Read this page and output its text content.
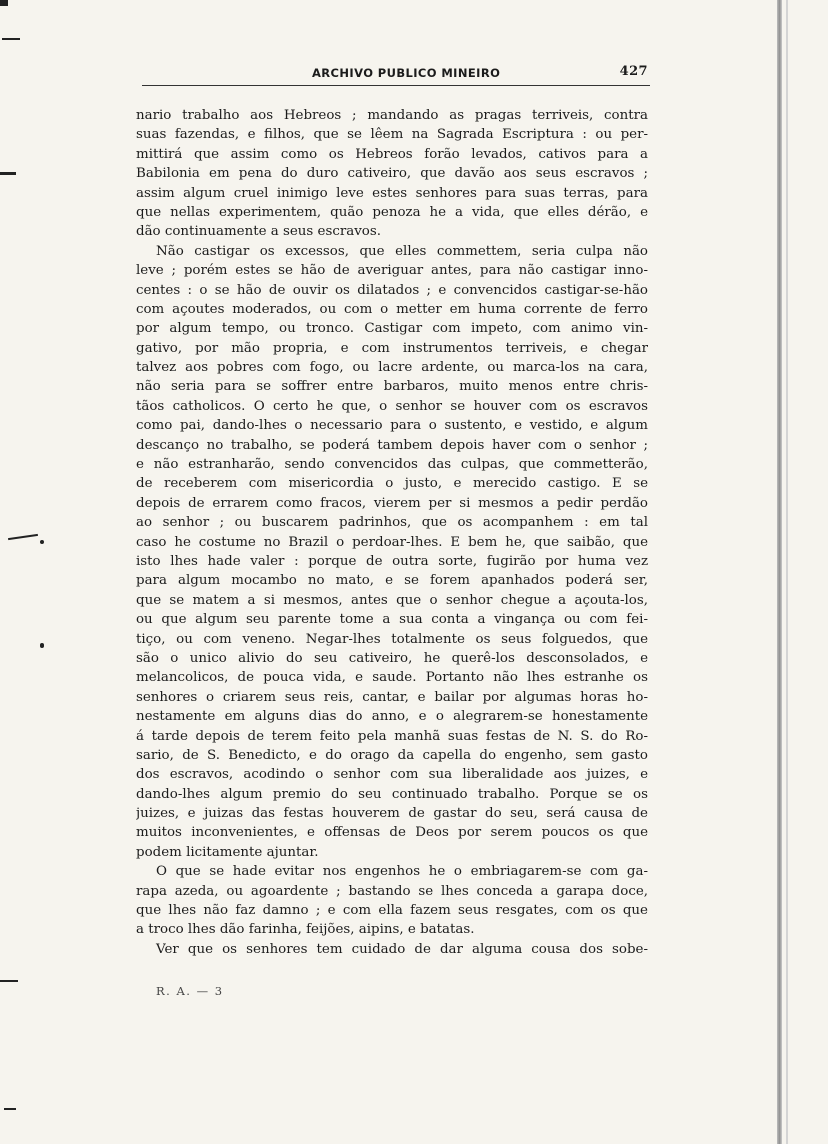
ARCHIVO PUBLICO MINEIRO	427
nario trabalho aos Hebreos ; mandando as pragas terriveis, contra
suas fazendas, e filhos, que se lêem na Sagrada Escriptura : ou per-
mittirá que assim como os Hebreos forão levados, cativos para a
Babilonia em pena do duro cativeiro, que davão aos seus escravos ;
assim algum cruel inimigo leve estes senhores para suas terras, para
que nellas experimentem, quão penoza he a vida, que elles dérão, e
dão continuamente a seus escravos.
Não castigar os excessos, que elles commettem, seria culpa não
leve ; porém estes se hão de averiguar antes, para não castigar inno-
centes : o se hão de ouvir os dilatados ; e convencidos castigar-se-hão
com açoutes moderados, ou com o metter em huma corrente de ferro
por algum tempo, ou tronco. Castigar com impeto, com animo vin-
gativo, por mão propria, e com instrumentos terriveis, e chegar
talvez aos pobres com fogo, ou lacre ardente, ou marca-los na cara,
não seria para se soffrer entre barbaros, muito menos entre chris-
tãos catholicos. O certo he que, o senhor se houver com os escravos
como pai, dando-lhes o necessario para o sustento, e vestido, e algum
descanço no trabalho, se poderá tambem depois haver com o senhor ;
e não estranharão, sendo convencidos das culpas, que commetterão,
de receberem com misericordia o justo, e merecido castigo. E se
depois de errarem como fracos, vierem per si mesmos a pedir perdão
ao senhor ; ou buscarem padrinhos, que os acompanhem : em tal
caso he costume no Brazil o perdoar-lhes. E bem he, que saibão, que
isto lhes hade valer : porque de outra sorte, fugirão por huma vez
para algum mocambo no mato, e se forem apanhados poderá ser,
que se matem a si mesmos, antes que o senhor chegue a açouta-los,
ou que algum seu parente tome a sua conta a vingança ou com fei-
tiço, ou com veneno. Negar-lhes totalmente os seus folguedos, que
são o unico alivio do seu cativeiro, he querê-los desconsolados, e
melancolicos, de pouca vida, e saude. Portanto não lhes estranhe os
senhores o criarem seus reis, cantar, e bailar por algumas horas ho-
nestamente em alguns dias do anno, e o alegrarem-se honestamente
á tarde depois de terem feito pela manhã suas festas de N. S. do Ro-
sario, de S. Benedicto, e do orago da capella do engenho, sem gasto
dos escravos, acodindo o senhor com sua liberalidade aos juizes, e
dando-lhes algum premio do seu continuado trabalho. Porque se os
juizes, e juizas das festas houverem de gastar do seu, será causa de
muitos inconvenientes, e offensas de Deos por serem poucos os que
podem licitamente ajuntar.
O que se hade evitar nos engenhos he o embriagarem-se com ga-
rapa azeda, ou agoardente ; bastando se lhes conceda a garapa doce,
que lhes não faz damno ; e com ella fazem seus resgates, com os que
a troco lhes dão farinha, feijões, aipins, e batatas.
Ver que os senhores tem cuidado de dar alguma cousa dos sobe-
R. A. — 3
